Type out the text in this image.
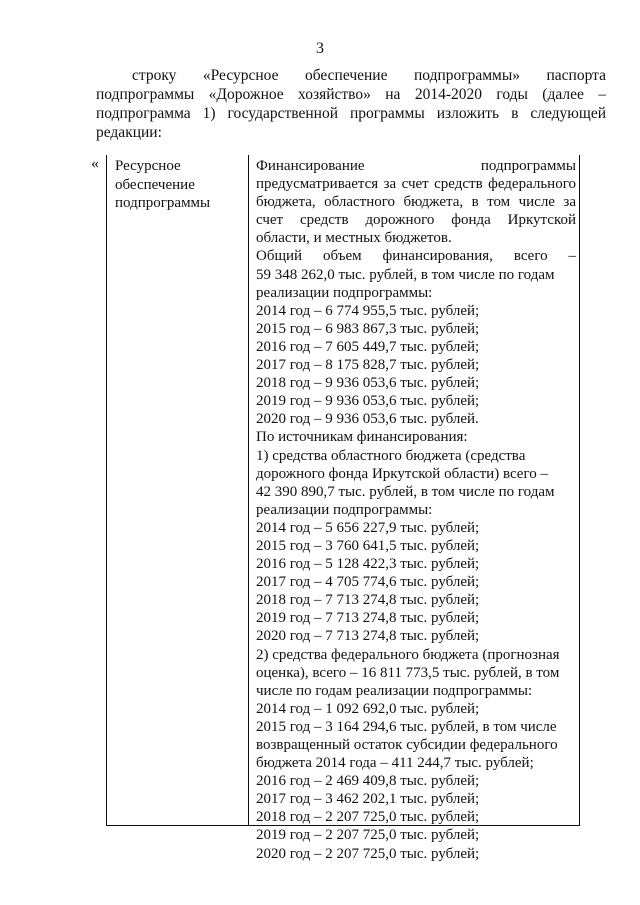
3
строку «Ресурсное обеспечение подпрограммы» паспорта
подпрограммы «Дорожное хозяйство» на 2014-2020 годы (далее –
подпрограмма 1) государственной программы изложить в следующей
редакции:
« Ресурсное
обеспечение
подпрограммы
Финансирование подпрограммы
предусматривается за счет средств федерального
бюджета, областного бюджета, в том числе за
счет средств дорожного фонда Иркутской
области, и местных бюджетов.
Общий объем финансирования, всего –
59 348 262,0 тыс. рублей, в том числе по годам
реализации подпрограммы:
2014 год – 6 774 955,5 тыс. рублей;
2015 год – 6 983 867,3 тыс. рублей;
2016 год – 7 605 449,7 тыс. рублей;
2017 год – 8 175 828,7 тыс. рублей;
2018 год – 9 936 053,6 тыс. рублей;
2019 год – 9 936 053,6 тыс. рублей;
2020 год – 9 936 053,6 тыс. рублей.
По источникам финансирования:
1) средства областного бюджета (средства
дорожного фонда Иркутской области) всего –
42 390 890,7 тыс. рублей, в том числе по годам
реализации подпрограммы:
2014 год – 5 656 227,9 тыс. рублей;
2015 год – 3 760 641,5 тыс. рублей;
2016 год – 5 128 422,3 тыс. рублей;
2017 год – 4 705 774,6 тыс. рублей;
2018 год – 7 713 274,8 тыс. рублей;
2019 год – 7 713 274,8 тыс. рублей;
2020 год – 7 713 274,8 тыс. рублей;
2) средства федерального бюджета (прогнозная
оценка), всего – 16 811 773,5 тыс. рублей, в том
числе по годам реализации подпрограммы:
2014 год – 1 092 692,0 тыс. рублей;
2015 год – 3 164 294,6 тыс. рублей, в том числе
возвращенный остаток субсидии федерального
бюджета 2014 года – 411 244,7 тыс. рублей;
2016 год – 2 469 409,8 тыс. рублей;
2017 год – 3 462 202,1 тыс. рублей;
2018 год – 2 207 725,0 тыс. рублей;
2019 год – 2 207 725,0 тыс. рублей;
2020 год – 2 207 725,0 тыс. рублей;
